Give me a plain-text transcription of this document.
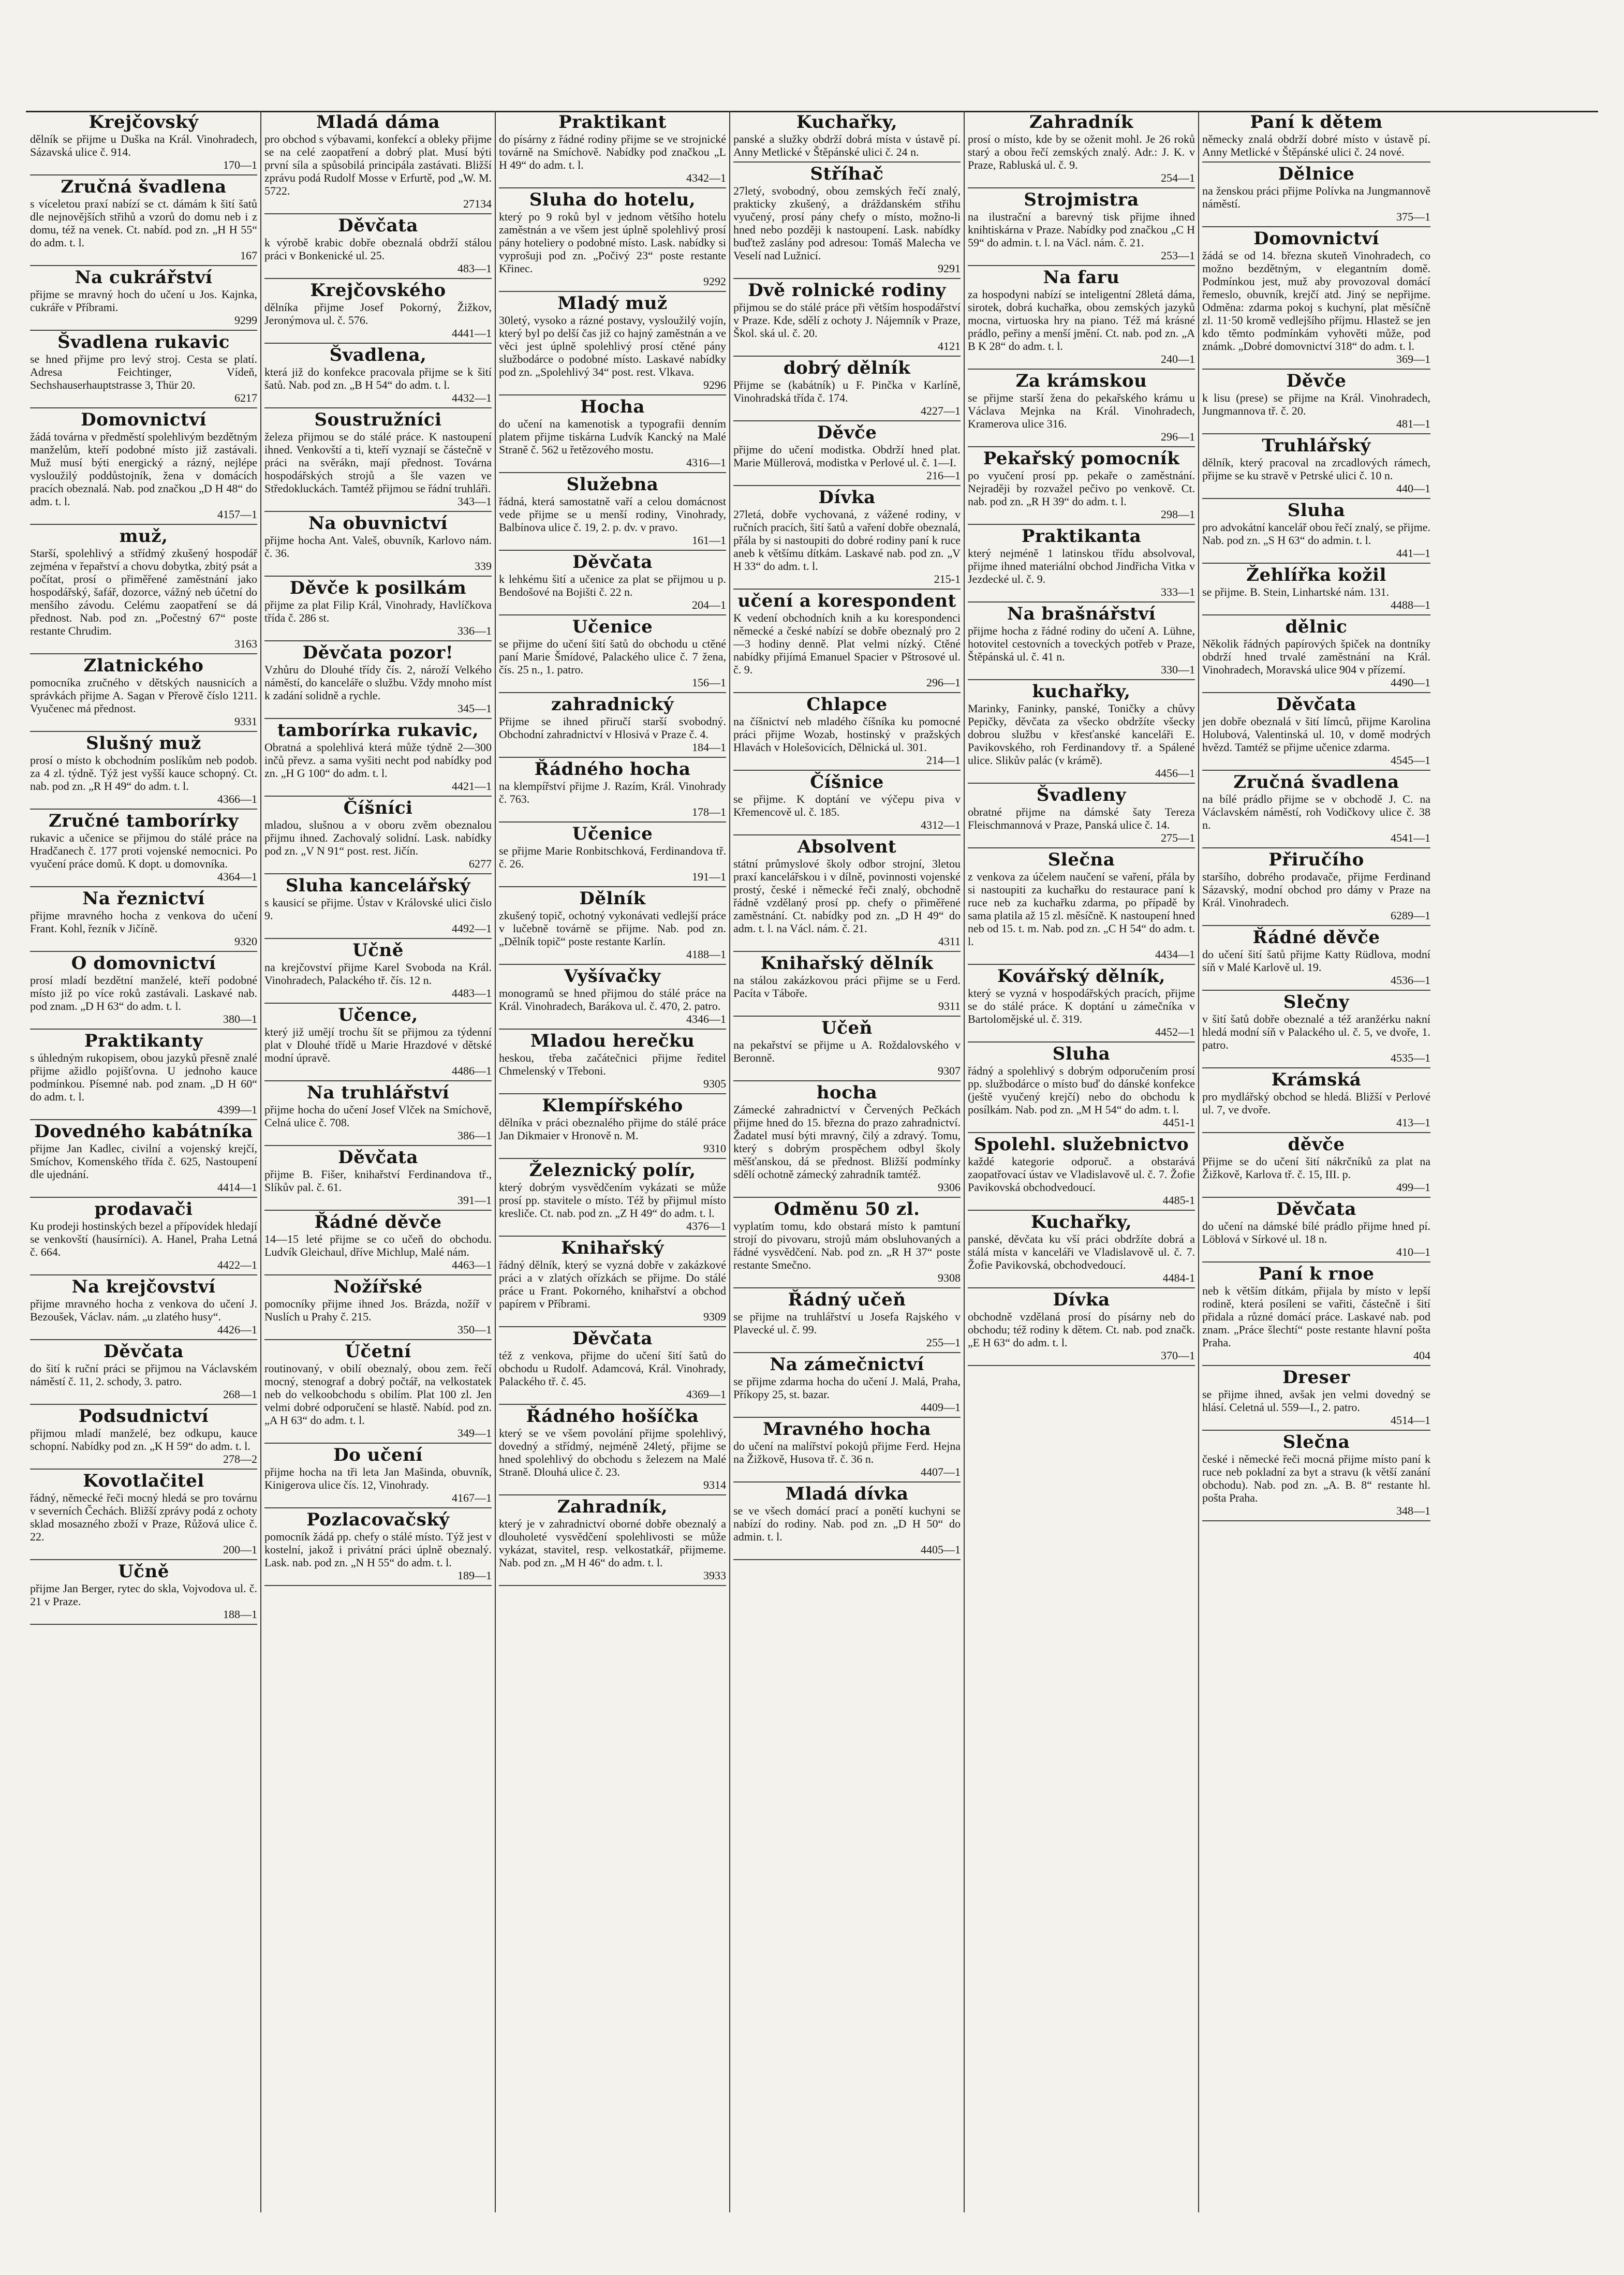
Krejčovský
dělník se přijme u Duška na Král. Vinohradech, Sázavská ulice č. 914.
170—1
Zručná švadlena
s víceletou praxí nabízí se ct. dámám k šití šatů dle nejnovějších střihů a vzorů do domu neb i z domu, též na venek. Ct. nabíd. pod zn. „H H 55“ do adm. t. l.
167
Na cukrářství
přijme se mravný hoch do učení u Jos. Kajnka, cukráře v Příbrami.
9299
Švadlena rukavic
se hned přijme pro levý stroj. Cesta se platí. Adresa Feichtinger, Vídeň, Sechshauserhauptstrasse 3, Thür 20.
6217
Domovnictví
žádá továrna v předměstí spolehlivým bezdětným manželům, kteří podobné místo již zastávali. Muž musí býti energický a rázný, nejlépe vysloužilý poddůstojník, žena v domácích pracích obeznalá. Nab. pod značkou „D H 48“ do adm. t. l.
4157—1
muž,
Starší, spolehlivý a střídmý zkušený hospodář zejména v řepařství a chovu dobytka, zbitý psát a počítat, prosí o přiměřené zaměstnání jako hospodářský, šafář, dozorce, vážný neb účetní do menšího závodu. Celému zaopatření se dá přednost. Nab. pod zn. „Počestný 67“ poste restante Chrudim.
3163
Zlatnického
pomocníka zručného v dětských nausnicích a správkách přijme A. Sagan v Přerově číslo 1211. Vyučenec má přednost.
9331
Slušný muž
prosí o místo k obchodním poslíkům neb podob. za 4 zl. týdně. Týž jest vyšší kauce schopný. Ct. nab. pod zn. „R H 49“ do adm. t. l.
4366—1
Zručné tamborírky
rukavic a učenice se přijmou do stálé práce na Hradčanech č. 177 proti vojenské nemocnici. Po vyučení práce domů. K dopt. u domovníka.
4364—1
Na řeznictví
přijme mravného hocha z venkova do učení Frant. Kohl, řezník v Jičíně.
9320
O domovnictví
prosí mladí bezdětní manželé, kteří podobné místo již po více roků zastávali. Laskavé nab. pod znam. „D H 63“ do adm. t. l.
380—1
Praktikanty
s úhledným rukopisem, obou jazyků přesně znalé přijme ažidlo pojišťovna. U jednoho kauce podmínkou. Písemné nab. pod znam. „D H 60“ do adm. t. l.
4399—1
Dovedného kabátníka
přijme Jan Kadlec, civilní a vojenský krejčí, Smíchov, Komenského třída č. 625, Nastoupení dle ujednání.
4414—1
prodavači
Ku prodeji hostinských bezel a přípovídek hledají se venkovští (hausírníci). A. Hanel, Praha Letná č. 664.
4422—1
Na krejčovství
přijme mravného hocha z venkova do učení J. Bezoušek, Václav. nám. „u zlatého husy“.
4426—1
Děvčata
do šití k ruční práci se přijmou na Václavském náměstí č. 11, 2. schody, 3. patro.
268—1
Podsudnictví
přijmou mladí manželé, bez odkupu, kauce schopní. Nabídky pod zn. „K H 59“ do adm. t. l.
278—2
Kovotlačitel
řádný, německé řeči mocný hledá se pro továrnu v severních Čechách. Bližší zprávy podá z ochoty sklad mosazného zboží v Praze, Růžová ulice č. 22.
200—1
Učně
přijme Jan Berger, rytec do skla, Vojvodova ul. č. 21 v Praze.
188—1
Mladá dáma
pro obchod s výbavami, konfekcí a obleky přijme se na celé zaopatření a dobrý plat. Musí býti první síla a spůsobilá principála zastávati. Bližší zprávu podá Rudolf Mosse v Erfurtě, pod „W. M. 5722.
27134
Děvčata
k výrobě krabic dobře obeznalá obdrží stálou práci v Bonkenické ul. 25.
483—1
Krejčovského
dělníka přijme Josef Pokorný, Žižkov, Jeronýmova ul. č. 576.
4441—1
Švadlena,
která již do konfekce pracovala přijme se k šití šatů. Nab. pod zn. „B H 54“ do adm. t. l.
4432—1
Soustružníci
železa přijmou se do stálé práce. K nastoupení ihned. Venkovští a ti, kteří vyznají se částečně v práci na svěrákn, mají přednost. Továrna hospodářských strojů a šle vazen ve Středokluckách. Tamtéž přijmou se řádní truhláři.
343—1
Na obuvnictví
přijme hocha Ant. Valeš, obuvník, Karlovo nám. č. 36.
339
Děvče k posilkám
přijme za plat Filip Král, Vinohrady, Havlíčkova třída č. 286 st.
336—1
Děvčata pozor!
Vzhůru do Dlouhé třídy čís. 2, nároží Velkého náměstí, do kanceláře o službu. Vždy mnoho míst k zadání solidně a rychle.
345—1
tamborírka rukavic,
Obratná a spolehlivá která může týdně 2—300 inčů převz. a sama vyšiti necht pod nabídky pod zn. „H G 100“ do adm. t. l.
4421—1
Číšníci
mladou, slušnou a v oboru zvěm obeznalou přijmu ihned. Zachovalý solidní. Lask. nabídky pod zn. „V N 91“ post. rest. Jičín.
6277
Sluha kancelářský
s kausicí se přijme. Ústav v Královské ulici čislo 9.
4492—1
Učně
na krejčovství přijme Karel Svoboda na Král. Vinohradech, Palackého tř. čís. 12 n.
4483—1
Učence,
který již umějí trochu šít se přijmou za týdenní plat v Dlouhé třídě u Marie Hrazdové v dětské modní úpravě.
4486—1
Na truhlářství
přijme hocha do učení Josef Vlček na Smíchově, Celná ulice č. 708.
386—1
Děvčata
přijme B. Fišer, knihařství Ferdinandova tř., Slíkův pal. č. 61.
391—1
Řádné děvče
14—15 leté přijme se co učeň do obchodu. Ludvík Gleichaul, dříve Michlup, Malé nám.
4463—1
Nožířské
pomocníky přijme ihned Jos. Brázda, nožíř v Nuslích u Prahy č. 215.
350—1
Účetní
routinovaný, v obilí obeznalý, obou zem. řečí mocný, stenograf a dobrý počtář, na velkostatek neb do velkoobchodu s obilím. Plat 100 zl. Jen velmi dobré odporučení se hlastě. Nabíd. pod zn. „A H 63“ do adm. t. l.
349—1
Do učení
přijme hocha na tři leta Jan Mašinda, obuvník, Kinigerova ulice čís. 12, Vinohrady.
4167—1
Pozlacovačský
pomocník žádá pp. chefy o stálé místo. Týž jest v kostelní, jakož i privátní práci úplně obeznalý. Lask. nab. pod zn. „N H 55“ do adm. t. l.
189—1
Praktikant
do písárny z řádné rodiny přijme se ve strojnické továrně na Smíchově. Nabídky pod značkou „L H 49“ do adm. t. l.
4342—1
Sluha do hotelu,
který po 9 roků byl v jednom většího hotelu zaměstnán a ve všem jest úplně spolehlivý prosí pány hoteliery o podobné místo. Lask. nabídky si vyprošuji pod zn. „Počivý 23“ poste restante Křinec.
9292
Mladý muž
30letý, vysoko a rázné postavy, vysloužilý vojín, který byl po delší čas již co hajný zaměstnán a ve věci jest úplně spolehlivý prosí ctěné pány službodárce o podobné místo. Laskavé nabídky pod zn. „Spolehlivý 34“ post. rest. Vlkava.
9296
Hocha
do učení na kamenotisk a typografii denním platem přijme tiskárna Ludvík Kancký na Malé Straně č. 562 u řetězového mostu.
4316—1
Služebna
řádná, která samostatně vaří a celou domácnost vede přijme se u menší rodiny, Vinohrady, Balbínova ulice č. 19, 2. p. dv. v pravo.
161—1
Děvčata
k lehkému šití a učenice za plat se přijmou u p. Bendošové na Bojišti č. 22 n.
204—1
Učenice
se přijme do učení šití šatů do obchodu u ctěné paní Marie Šmídové, Palackého ulice č. 7 žena, čís. 25 n., 1. patro.
156—1
zahradnický
Přijme se ihned přiručí starší svobodný. Obchodní zahradnictví v Hlosivá v Praze č. 4.
184—1
Řádného hocha
na klempířství přijme J. Razím, Král. Vinohrady č. 763.
178—1
Učenice
se přijme Marie Ronbitschková, Ferdinandova tř. č. 26.
191—1
Dělník
zkušený topič, ochotný vykonávati vedlejší práce v lučebně továrně se přijme. Nab. pod zn. „Dělník topič“ poste restante Karlín.
4188—1
Vyšívačky
monogramů se hned přijmou do stálé práce na Král. Vinohradech, Barákova ul. č. 470, 2. patro.
4346—1
Mladou herečku
heskou, třeba začátečnici přijme ředitel Chmelenský v Třeboni.
9305
Klempířského
dělníka v práci obeznalého přijme do stálé práce Jan Dikmaier v Hronově n. M.
9310
Železnický polír,
který dobrým vysvědčením vykázati se může prosí pp. stavitele o místo. Též by přijmul místo kresliče. Ct. nab. pod zn. „Z H 49“ do adm. t. l.
4376—1
Knihařský
řádný dělník, který se vyzná dobře v zakázkové práci a v zlatých ořízkách se přijme. Do stálé práce u Frant. Pokorného, knihařství a obchod papírem v Příbrami.
9309
Děvčata
též z venkova, přijme do učení šití šatů do obchodu u Rudolf. Adamcová, Král. Vinohrady, Palackého tř. č. 45.
4369—1
Řádného hošíčka
který se ve všem povolání přijme spolehlivý, dovedný a střídmý, nejméně 24letý, přijme se hned spolehlivý do obchodu s železem na Malé Straně. Dlouhá ulice č. 23.
9314
Zahradník,
který je v zahradnictví oborné dobře obeznalý a dlouholeté vysvědčení spolehlivosti se může vykázat, stavitel, resp. velkostatkář, přijmeme. Nab. pod zn. „M H 46“ do adm. t. l.
3933
Kuchařky,
panské a služky obdrží dobrá místa v ústavě pí. Anny Metlické v Štěpánské ulici č. 24 n.
Stříhač
27letý, svobodný, obou zemských řečí znalý, prakticky zkušený, a dráždanském střihu vyučený, prosí pány chefy o místo, možno-li hned nebo později k nastoupení. Lask. nabídky buďtež zaslány pod adresou: Tomáš Malecha ve Veselí nad Lužnicí.
9291
Dvě rolnické rodiny
přijmou se do stálé práce při větším hospodářství v Praze. Kde, sdělí z ochoty J. Nájemník v Praze, Škol. ská ul. č. 20.
4121
dobrý dělník
Přijme se (kabátník) u F. Pinčka v Karlíně, Vinohradská třída č. 174.
4227—1
Děvče
přijme do učení modistka. Obdrží hned plat. Marie Müllerová, modistka v Perlové ul. č. 1—I.
216—1
Dívka
27letá, dobře vychovaná, z vážené rodiny, v ručních pracích, šití šatů a vaření dobře obeznalá, přála by si nastoupiti do dobré rodiny paní k ruce aneb k většímu dítkám. Laskavé nab. pod zn. „V H 33“ do adm. t. l.
215-1
učení a korespondent
K vedení obchodních knih a ku korespondenci německé a české nabízí se dobře obeznalý pro 2—3 hodiny denně. Plat velmi nízký. Ctěné nabídky přijímá Emanuel Spacier v Pštrosové ul. č. 9.
296—1
Chlapce
na číšnictví neb mladého číšníka ku pomocné práci přijme Wozab, hostinský v pražských Hlavách v Holešovicích, Dělnická ul. 301.
214—1
Číšnice
se přijme. K doptání ve výčepu piva v Křemencově ul. č. 185.
4312—1
Absolvent
státní průmyslové školy odbor strojní, 3letou praxí kancelářskou i v dílně, povinnosti vojenské prostý, české i německé řeči znalý, obchodně řádně vzdělaný prosí pp. chefy o přiměřené zaměstnání. Ct. nabídky pod zn. „D H 49“ do adm. t. l. na Václ. nám. č. 21.
4311
Knihařský dělník
na stálou zakázkovou práci přijme se u Ferd. Pacíta v Táboře.
9311
Učeň
na pekařství se přijme u A. Roždalovského v Beronně.
9307
hocha
Zámecké zahradnictví v Červených Pečkách přijme hned do 15. března do prazo zahradnictví. Žadatel musí býti mravný, čilý a zdravý. Tomu, který s dobrým prospěchem odbyl školy měšťanskou, dá se přednost. Bližší podmínky sdělí ochotně zámecký zahradník tamtéž.
9306
Odměnu 50 zl.
vyplatím tomu, kdo obstará místo k pamtuní strojí do pivovaru, strojů mám obsluhovaných a řádné vysvědčení. Nab. pod zn. „R H 37“ poste restante Smečno.
9308
Řádný učeň
se přijme na truhlářství u Josefa Rajského v Plavecké ul. č. 99.
255—1
Na zámečnictví
se přijme zdarma hocha do učení J. Malá, Praha, Příkopy 25, st. bazar.
4409—1
Mravného hocha
do učení na malířství pokojů přijme Ferd. Hejna na Žižkově, Husova tř. č. 36 n.
4407—1
Mladá dívka
se ve všech domácí prací a ponětí kuchyni se nabízí do rodiny. Nab. pod zn. „D H 50“ do admin. t. l.
4405—1
Zahradník
prosí o místo, kde by se oženit mohl. Je 26 roků starý a obou řečí zemských znalý. Adr.: J. K. v Praze, Rabluská ul. č. 9.
254—1
Strojmistra
na ilustrační a barevný tisk přijme ihned knihtiskárna v Praze. Nabídky pod značkou „C H 59“ do admin. t. l. na Václ. nám. č. 21.
253—1
Na faru
za hospodyni nabízí se inteligentní 28letá dáma, sirotek, dobrá kuchařka, obou zemských jazyků mocna, virtuoska hry na piano. Též má krásné prádlo, peřiny a menší jmění. Ct. nab. pod zn. „A B K 28“ do adm. t. l.
240—1
Za krámskou
se přijme starší žena do pekařského krámu u Václava Mejnka na Král. Vinohradech, Kramerova ulice 316.
296—1
Pekařský pomocník
po vyučení prosí pp. pekaře o zaměstnání. Nejraději by rozvažel pečivo po venkově. Ct. nab. pod zn. „R H 39“ do adm. t. l.
298—1
Praktikanta
který nejméně 1 latinskou třídu absolvoval, přijme ihned materiální obchod Jindřicha Vitka v Jezdecké ul. č. 9.
333—1
Na brašnářství
přijme hocha z řádné rodiny do učení A. Lühne, hotovitel cestovních a toveckých potřeb v Praze, Štěpánská ul. č. 41 n.
330—1
kuchařky,
Marinky, Faninky, panské, Toničky a chůvy Pepičky, děvčata za všecko obdržíte všecky dobrou službu v křesťanské kanceláři E. Pavikovského, roh Ferdinandovy tř. a Spálené ulice. Slikův palác (v krámě).
4456—1
Švadleny
obratné přijme na dámské šaty Tereza Fleischmannová v Praze, Panská ulice č. 14.
275—1
Slečna
z venkova za účelem naučení se vaření, přála by si nastoupiti za kuchařku do restaurace paní k ruce neb za kuchařku zdarma, po případě by sama platila až 15 zl. měsíčně. K nastoupení hned neb od 15. t. m. Nab. pod zn. „C H 54“ do adm. t. l.
4434—1
Kovářský dělník,
který se vyzná v hospodářských pracích, přijme se do stálé práce. K doptání u zámečníka v Bartolomějské ul. č. 319.
4452—1
Sluha
řádný a spolehlivý s dobrým odporučením prosí pp. službodárce o místo buď do dánské konfekce (ještě vyučený krejčí) nebo do obchodu k posílkám. Nab. pod zn. „M H 54“ do adm. t. l.
4451-1
Spolehl. služebnictvo
každé kategorie odporuč. a obstarává zaopatřovací ústav ve Vladislavově ul. č. 7. Žofie Pavikovská obchodvedoucí.
4485-1
Kuchařky,
panské, děvčata ku vší práci obdržíte dobrá a stálá místa v kanceláři ve Vladislavově ul. č. 7. Žofie Pavikovská, obchodvedoucí.
4484-1
Dívka
obchodně vzdělaná prosí do písárny neb do obchodu; též rodiny k dětem. Ct. nab. pod značk. „E H 63“ do adm. t. l.
370—1
Paní k dětem
německy znalá obdrží dobré místo v ústavě pí. Anny Metlické v Štěpánské ulici č. 24 nové.
Dělnice
na ženskou práci přijme Polívka na Jungmannově náměstí.
375—1
Domovnictví
žádá se od 14. března skuteň Vinohradech, co možno bezdětným, v elegantním domě. Podmínkou jest, muž aby provozoval domácí řemeslo, obuvník, krejčí atd. Jiný se nepřijme. Odměna: zdarma pokoj s kuchyní, plat měsíčně zl. 11·50 kromě vedlejšího příjmu. Hlastež se jen kdo těmto podmínkám vyhověti může, pod známk. „Dobré domovnictví 318“ do adm. t. l.
369—1
Děvče
k lisu (prese) se přijme na Král. Vinohradech, Jungmannova tř. č. 20.
481—1
Truhlářský
dělník, který pracoval na zrcadlových rámech, přijme se ku stravě v Petrské ulici č. 10 n.
440—1
Sluha
pro advokátní kancelář obou řečí znalý, se přijme. Nab. pod zn. „S H 63“ do admin. t. l.
441—1
Žehlířka kožil
se přijme. B. Stein, Linhartské nám. 131.
4488—1
dělnic
Několik řádných papírových špiček na dontníky obdrží hned trvalé zaměstnání na Král. Vinohradech, Moravská ulice 904 v přízemí.
4490—1
Děvčata
jen dobře obeznalá v šití límců, přijme Karolina Holubová, Valentinská ul. 10, v domě modrých hvězd. Tamtéž se přijme učenice zdarma.
4545—1
Zručná švadlena
na bílé prádlo přijme se v obchodě J. C. na Václavském náměstí, roh Vodičkovy ulice č. 38 n.
4541—1
Přiručího
staršího, dobrého prodavače, přijme Ferdinand Sázavský, modní obchod pro dámy v Praze na Král. Vinohradech.
6289—1
Řádné děvče
do učení šití šatů přijme Katty Rüdlova, modní síň v Malé Karlově ul. 19.
4536—1
Slečny
v šití šatů dobře obeznalé a též aranžérku nakní hledá modní síň v Palackého ul. č. 5, ve dvoře, 1. patro.
4535—1
Krámská
pro mydlářský obchod se hledá. Bližší v Perlové ul. 7, ve dvoře.
413—1
děvče
Přijme se do učení šití nákrčníků za plat na Žižkově, Karlova tř. č. 15, III. p.
499—1
Děvčata
do učení na dámské bílé prádlo přijme hned pí. Löblová v Sírkové ul. 18 n.
410—1
Paní k rnoe
neb k větším dítkám, přijala by místo v lepší rodině, která posíleni se vařiti, částečně i šití přidala a různé domácí práce. Laskavé nab. pod znam. „Práce šlechtí“ poste restante hlavní pošta Praha.
404
Dreser
se přijme ihned, avšak jen velmi dovedný se hlásí. Celetná ul. 559—I., 2. patro.
4514—1
Slečna
české i německé řeči mocná přijme místo paní k ruce neb pokladní za byt a stravu (k větší zanání obchodu). Nab. pod zn. „A. B. 8“ restante hl. pošta Praha.
348—1
